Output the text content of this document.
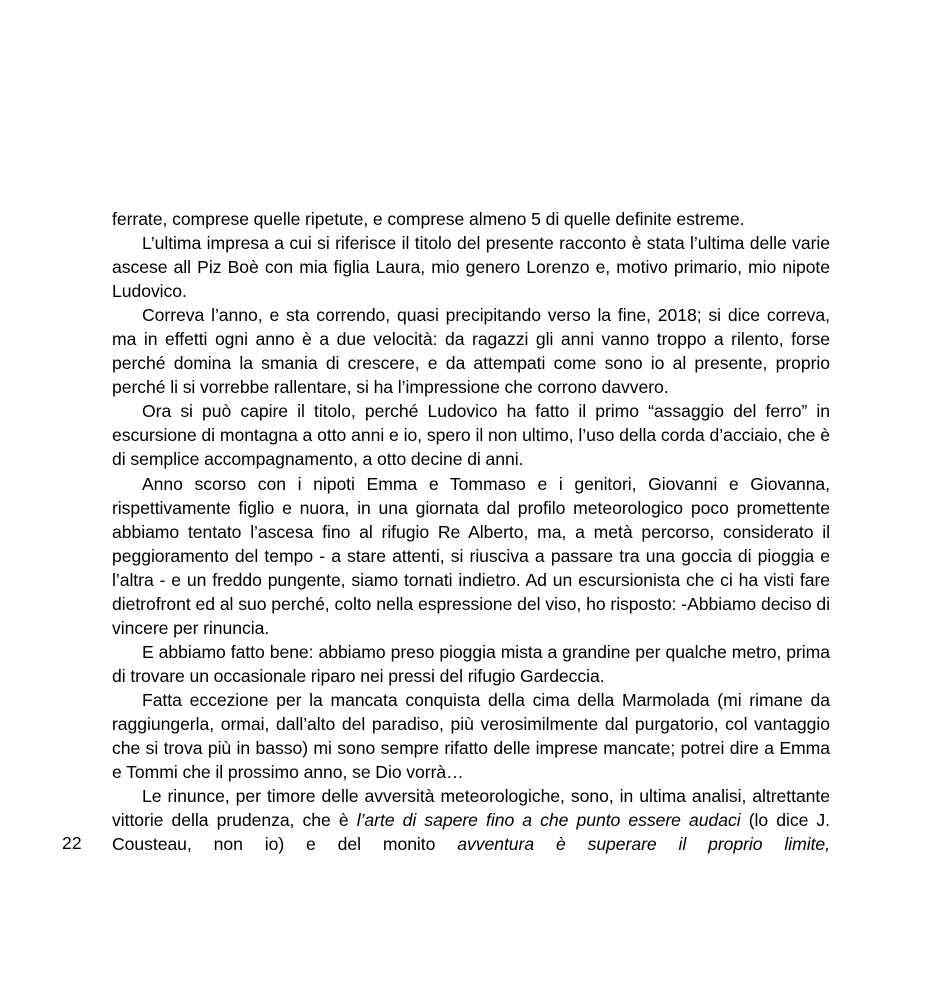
22

ferrate, comprese quelle ripetute, e comprese almeno 5 di quelle definite estreme.

L’ultima impresa a cui si riferisce il titolo del presente racconto è stata l’ultima delle varie ascese all Piz Boè con mia figlia Laura, mio genero Lorenzo e, motivo primario, mio nipote Ludovico.

Correva l’anno, e sta correndo, quasi precipitando verso la fine, 2018; si dice correva, ma in effetti ogni anno è a due velocità: da ragazzi gli anni vanno troppo a rilento, forse perché domina la smania di crescere, e da attempati come sono io al presente, proprio perché li si vorrebbe rallentare, si ha l’impressione che corrono davvero.

Ora si può capire il titolo, perché Ludovico ha fatto il primo “assaggio del ferro” in escursione di montagna a otto anni e io, spero il non ultimo, l’uso della corda d’acciaio, che è di semplice accompagnamento, a otto decine di anni.

Anno scorso con i nipoti Emma e Tommaso e i genitori, Giovanni e Giovanna, rispettivamente figlio e nuora, in una giornata dal profilo meteorologico poco promettente abbiamo tentato l’ascesa fino al rifugio Re Alberto, ma, a metà percorso, considerato il peggioramento del tempo - a stare attenti, si riusciva a passare tra una goccia di pioggia e l’altra - e un freddo pungente, siamo tornati indietro. Ad un escursionista che ci ha visti fare dietrofront ed al suo perché, colto nella espressione del viso, ho risposto: -Abbiamo deciso di vincere per rinuncia.

E abbiamo fatto bene: abbiamo preso pioggia mista a grandine per qualche metro, prima di trovare un occasionale riparo nei pressi del rifugio Gardeccia.

Fatta eccezione per la mancata conquista della cima della Marmolada (mi rimane da raggiungerla, ormai, dall’alto del paradiso, più verosimilmente dal purgatorio, col vantaggio che si trova più in basso) mi sono sempre rifatto delle imprese mancate; potrei dire a Emma e Tommi che il prossimo anno, se Dio vorrà…

Le rinunce, per timore delle avversità meteorologiche, sono, in ultima analisi, altrettante vittorie della prudenza, che è l’arte di sapere fino a che punto essere audaci (lo dice J. Cousteau, non io) e del monito avventura è superare il proprio limite,
